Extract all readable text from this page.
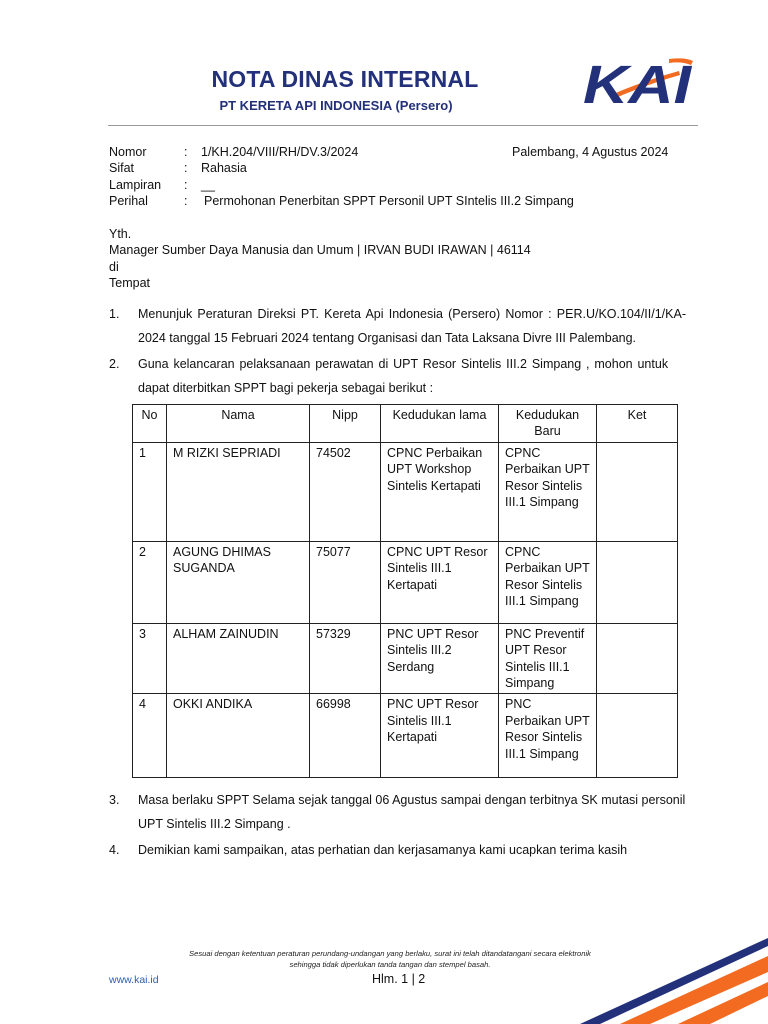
NOTA DINAS INTERNAL
PT KERETA API INDONESIA (Persero)	KAI
Nomor	: 1/KH.204/VIII/RH/DV.3/2024
Sifat	: Rahasia
Lampiran : __
Perihal	: Permohonan Penerbitan SPPT Personil UPT SIntelis III.2 Simpang
Palembang, 4 Agustus 2024
Yth.
Manager Sumber Daya Manusia dan Umum | IRVAN BUDI IRAWAN | 46114
di
Tempat
1. Menunjuk Peraturan Direksi PT. Kereta Api Indonesia (Persero) Nomor : PER.U/KO.104/II/1/KA-
2024 tanggal 15 Februari 2024 tentang Organisasi dan Tata Laksana Divre III Palembang.
2. Guna kelancaran pelaksanaan perawatan di UPT Resor Sintelis III.2 Simpang , mohon untuk
dapat diterbitkan SPPT bagi pekerja sebagai berikut :
No	Nama	Nipp	Kedudukan lama	Kedudukan Baru	Ket
1	M RIZKI SEPRIADI	74502	CPNC Perbaikan UPT Workshop Sintelis Kertapati	CPNC Perbaikan UPT Resor Sintelis III.1 Simpang	
2	AGUNG DHIMAS SUGANDA	75077	CPNC UPT Resor Sintelis III.1 Kertapati	CPNC Perbaikan UPT Resor Sintelis III.1 Simpang	
3	ALHAM ZAINUDIN	57329	PNC UPT Resor Sintelis III.2 Serdang	PNC Preventif UPT Resor Sintelis III.1 Simpang	
4	OKKI ANDIKA	66998	PNC UPT Resor Sintelis III.1 Kertapati	PNC Perbaikan UPT Resor Sintelis III.1 Simpang	
3. Masa berlaku SPPT Selama sejak tanggal 06 Agustus sampai dengan terbitnya SK mutasi personil
UPT Sintelis III.2 Simpang .
4. Demikian kami sampaikan, atas perhatian dan kerjasamanya kami ucapkan terima kasih
Sesuai dengan ketentuan peraturan perundang-undangan yang berlaku, surat ini telah ditandatangani secara elektronik
sehingga tidak diperlukan tanda tangan dan stempel basah.
www.kai.id	Hlm. 1 | 2
